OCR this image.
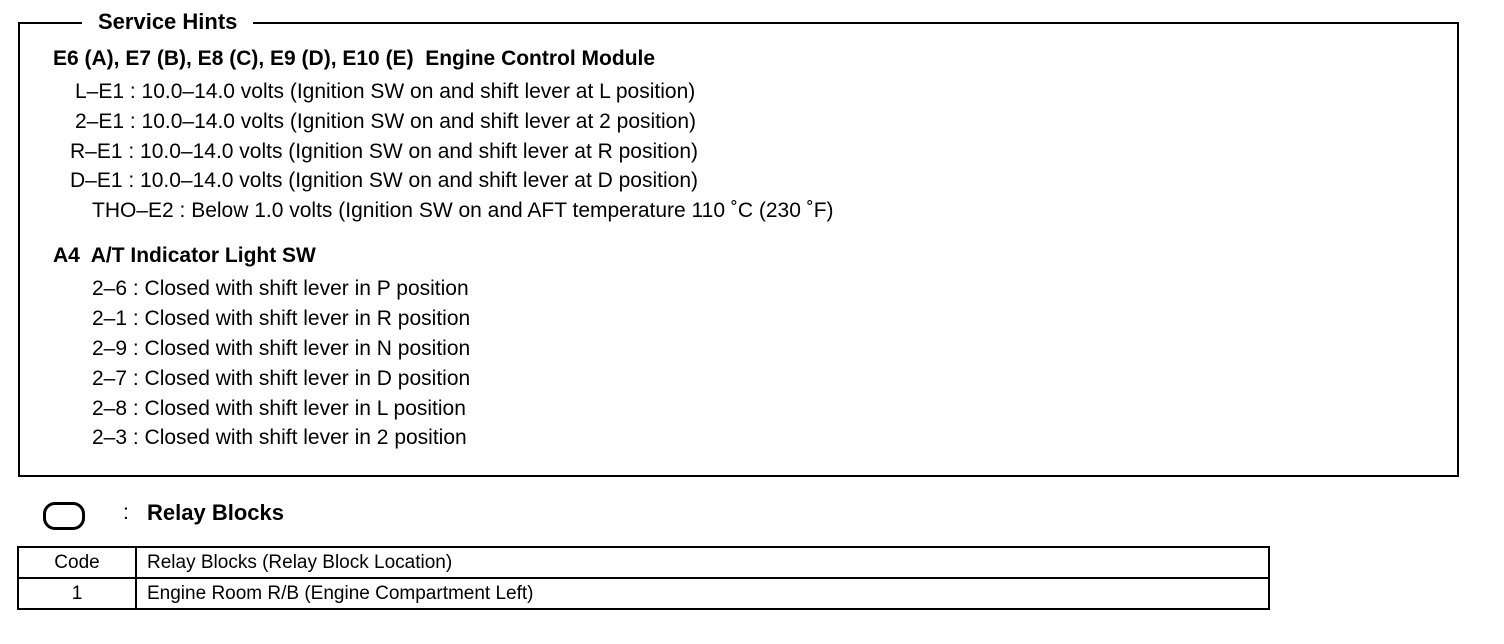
Service Hints
E6 (A), E7 (B), E8 (C), E9 (D), E10 (E)  Engine Control Module
L–E1 : 10.0–14.0 volts (Ignition SW on and shift lever at L position)
2–E1 : 10.0–14.0 volts (Ignition SW on and shift lever at 2 position)
R–E1 : 10.0–14.0 volts (Ignition SW on and shift lever at R position)
D–E1 : 10.0–14.0 volts (Ignition SW on and shift lever at D position)
THO–E2 : Below 1.0 volts (Ignition SW on and AFT temperature 110 ˚C (230 ˚F)
A4  A/T Indicator Light SW
2–6 : Closed with shift lever in P position
2–1 : Closed with shift lever in R position
2–9 : Closed with shift lever in N position
2–7 : Closed with shift lever in D position
2–8 : Closed with shift lever in L position
2–3 : Closed with shift lever in 2 position
: Relay Blocks
Code	Relay Blocks (Relay Block Location)
1	Engine Room R/B (Engine Compartment Left)
